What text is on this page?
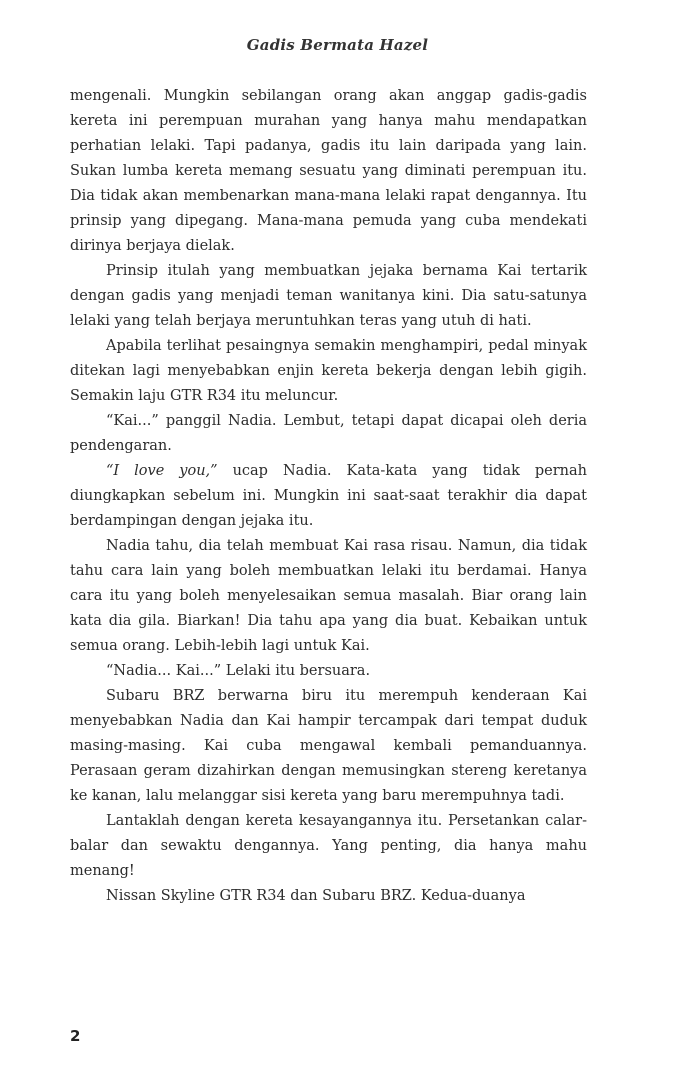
Gadis Bermata Hazel

mengenali. Mungkin sebilangan orang akan anggap gadis-gadis kereta ini perempuan murahan yang hanya mahu mendapatkan perhatian lelaki. Tapi padanya, gadis itu lain daripada yang lain. Sukan lumba kereta memang sesuatu yang diminati perempuan itu. Dia tidak akan membenarkan mana-mana lelaki rapat dengannya. Itu prinsip yang dipegang. Mana-mana pemuda yang cuba mendekati dirinya berjaya dielak.

Prinsip itulah yang membuatkan jejaka bernama Kai tertarik dengan gadis yang menjadi teman wanitanya kini. Dia satu-satunya lelaki yang telah berjaya meruntuhkan teras yang utuh di hati.

Apabila terlihat pesaingnya semakin menghampiri, pedal minyak ditekan lagi menyebabkan enjin kereta bekerja dengan lebih gigih. Semakin laju GTR R34 itu meluncur.

“Kai...” panggil Nadia. Lembut, tetapi dapat dicapai oleh deria pendengaran.

“I love you,” ucap Nadia. Kata-kata yang tidak pernah diungkapkan sebelum ini. Mungkin ini saat-saat terakhir dia dapat berdampingan dengan jejaka itu.

Nadia tahu, dia telah membuat Kai rasa risau. Namun, dia tidak tahu cara lain yang boleh membuatkan lelaki itu berdamai. Hanya cara itu yang boleh menyelesaikan semua masalah. Biar orang lain kata dia gila. Biarkan! Dia tahu apa yang dia buat. Kebaikan untuk semua orang. Lebih-lebih lagi untuk Kai.

“Nadia... Kai...” Lelaki itu bersuara.

Subaru BRZ berwarna biru itu merempuh kenderaan Kai menyebabkan Nadia dan Kai hampir tercampak dari tempat duduk masing-masing. Kai cuba mengawal kembali pemanduannya. Perasaan geram dizahirkan dengan memusingkan stereng keretanya ke kanan, lalu melanggar sisi kereta yang baru merempuhnya tadi.

Lantaklah dengan kereta kesayangannya itu. Persetankan calar-balar dan sewaktu dengannya. Yang penting, dia hanya mahu menang!

Nissan Skyline GTR R34 dan Subaru BRZ. Kedua-duanya

2
